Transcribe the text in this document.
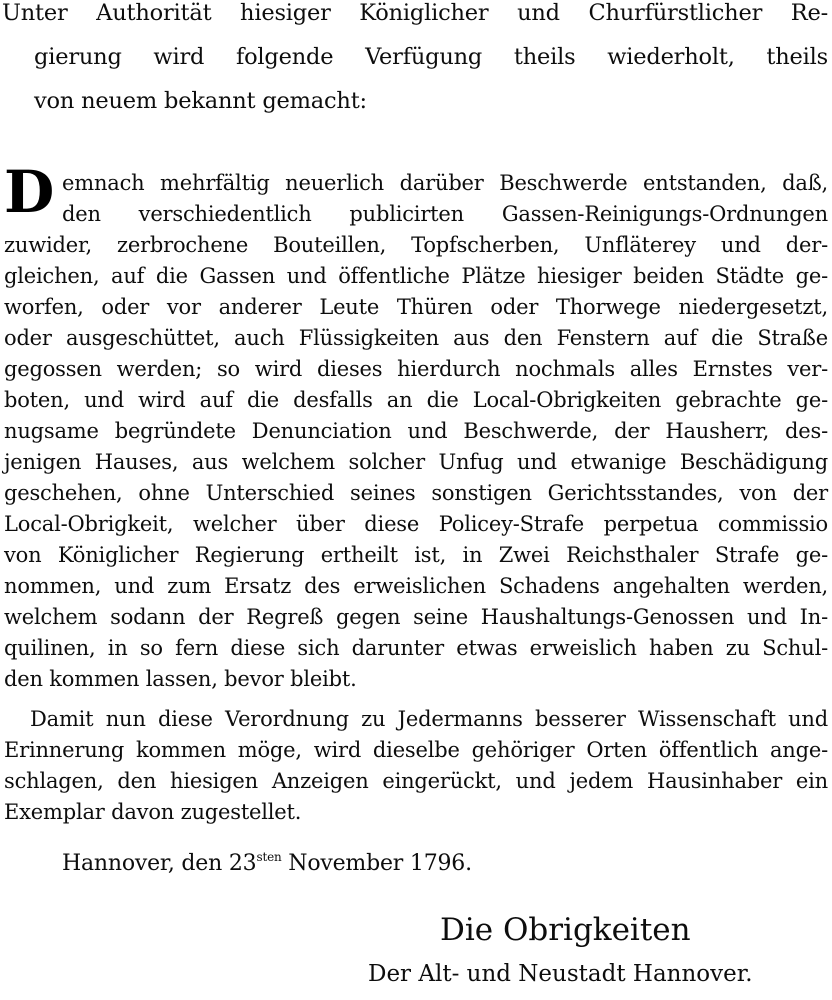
Unter Authorität hiesiger Königlicher und Churfürstlicher Re-
gierung wird folgende Verfügung theils wiederholt, theils
von neuem bekannt gemacht:
D emnach mehrfältig neuerlich darüber Beschwerde entstanden, daß,
den verschiedentlich publicirten Gassen-Reinigungs-Ordnungen
zuwider, zerbrochene Bouteillen, Topfscherben, Unfläterey und der-
gleichen, auf die Gassen und öffentliche Plätze hiesiger beiden Städte ge-
worfen, oder vor anderer Leute Thüren oder Thorwege niedergesetzt,
oder ausgeschüttet, auch Flüssigkeiten aus den Fenstern auf die Straße
gegossen werden; so wird dieses hierdurch nochmals alles Ernstes ver-
boten, und wird auf die desfalls an die Local-Obrigkeiten gebrachte ge-
nugsame begründete Denunciation und Beschwerde, der Hausherr, des-
jenigen Hauses, aus welchem solcher Unfug und etwanige Beschädigung
geschehen, ohne Unterschied seines sonstigen Gerichtsstandes, von der
Local-Obrigkeit, welcher über diese Policey-Strafe perpetua commissio
von Königlicher Regierung ertheilt ist, in Zwei Reichsthaler Strafe ge-
nommen, und zum Ersatz des erweislichen Schadens angehalten werden,
welchem sodann der Regreß gegen seine Haushaltungs-Genossen und In-
quilinen, in so fern diese sich darunter etwas erweislich haben zu Schul-
den kommen lassen, bevor bleibt.
Damit nun diese Verordnung zu Jedermanns besserer Wissenschaft und
Erinnerung kommen möge, wird dieselbe gehöriger Orten öffentlich ange-
schlagen, den hiesigen Anzeigen eingerückt, und jedem Hausinhaber ein
Exemplar davon zugestellet.
Hannover, den $23^{sten}$ November 1796.
Die Obrigkeiten
Der Alt- und Neustadt Hannover.
